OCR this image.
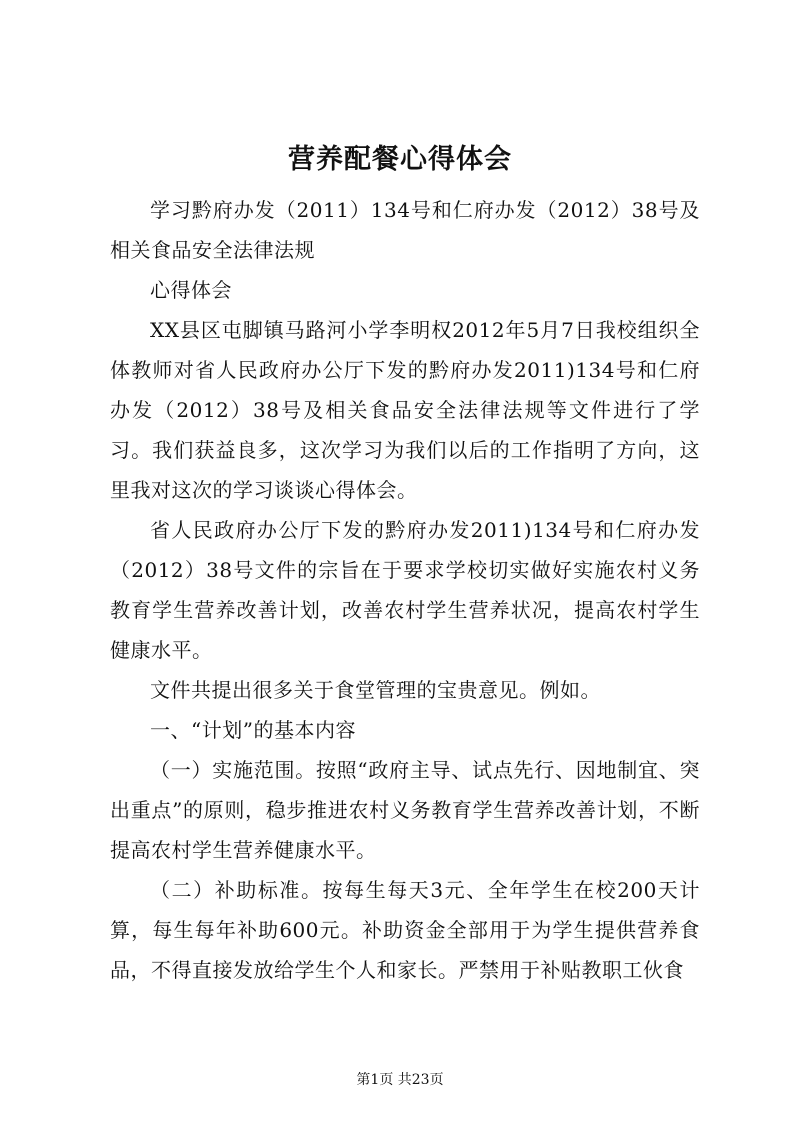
营养配餐心得体会

学习黔府办发（2011）134号和仁府办发（2012）38号及相关食品安全法律法规

心得体会

XX县区屯脚镇马路河小学李明权2012年5月7日我校组织全体教师对省人民政府办公厅下发的黔府办发2011)134号和仁府办发（2012）38号及相关食品安全法律法规等文件进行了学习。我们获益良多，这次学习为我们以后的工作指明了方向，这里我对这次的学习谈谈心得体会。

省人民政府办公厅下发的黔府办发2011)134号和仁府办发（2012）38号文件的宗旨在于要求学校切实做好实施农村义务教育学生营养改善计划，改善农村学生营养状况，提高农村学生健康水平。

文件共提出很多关于食堂管理的宝贵意见。例如。

一、“计划”的基本内容

（一）实施范围。按照“政府主导、试点先行、因地制宜、突出重点”的原则，稳步推进农村义务教育学生营养改善计划，不断提高农村学生营养健康水平。

（二）补助标准。按每生每天3元、全年学生在校200天计算，每生每年补助600元。补助资金全部用于为学生提供营养食品，不得直接发放给学生个人和家长。严禁用于补贴教职工伙食

第1页 共23页
